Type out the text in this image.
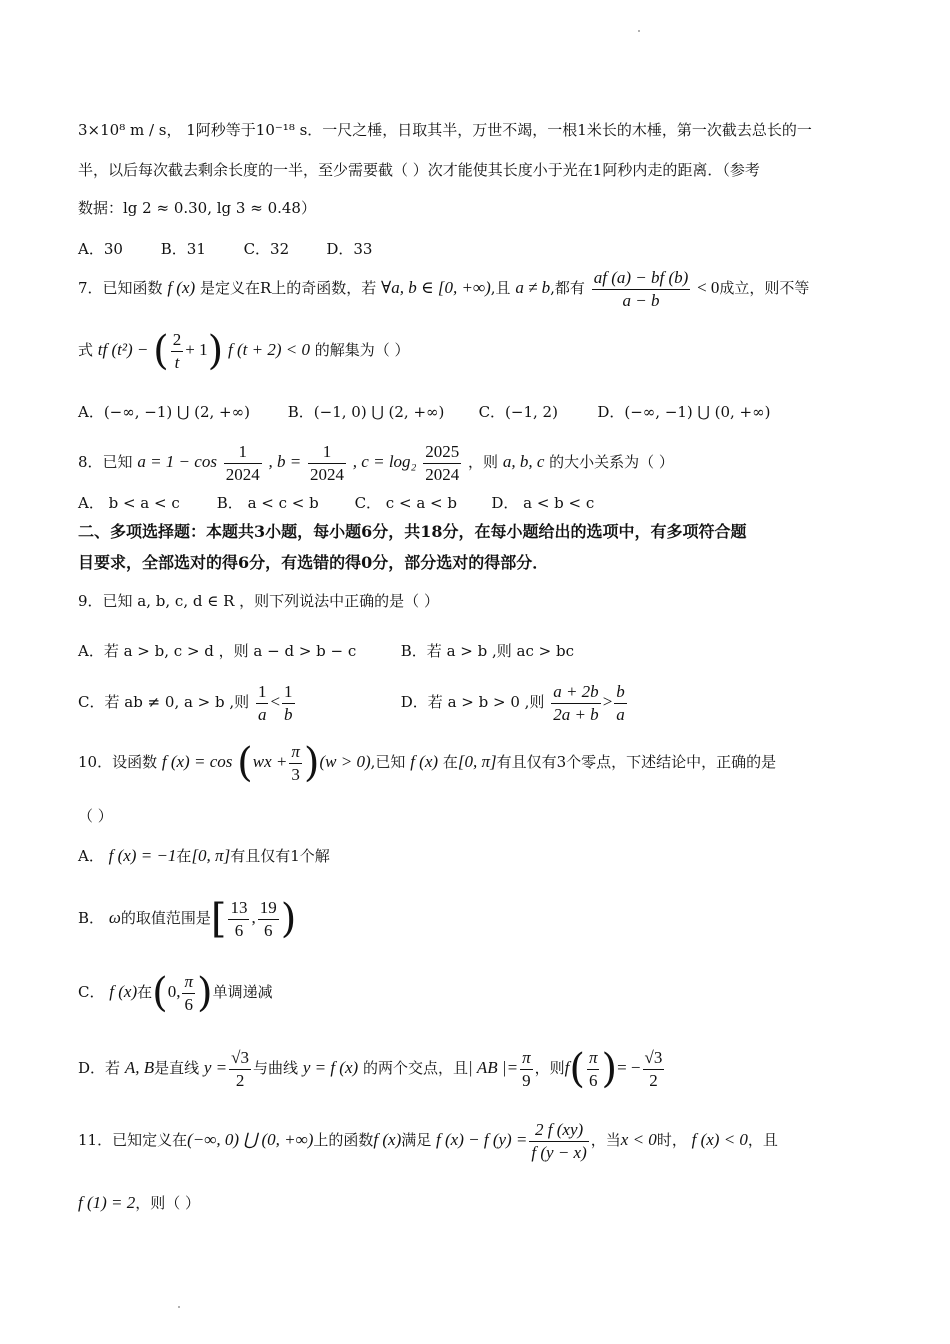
3×10⁸ m / s， 1阿秒等于10⁻¹⁸ s．一尺之棰，日取其半，万世不竭，一根1米长的木棰，第一次截去总长的一
半，以后每次截去剩余长度的一半，至少需要截（ ）次才能使其长度小于光在1阿秒内走的距离．（参考
数据：lg 2 ≈ 0.30, lg 3 ≈ 0.48）
A．30	B．31	C．32 D．33
7．已知函数 f (x) 是定义在R上的奇函数，若 ∀a, b ∈ [0, +∞),且 a ≠ b,都有 $\frac{af (a) - bf (b)}{a - b} < 0$成立，则不等
式 tf (t²) − ( $\frac{2}{t} + 1$) f (t + 2) < 0 的解集为（ ）
A．(−∞, −1) ⋃ (2, +∞)	B．(−1, 0) ⋃ (2, +∞) C．(−1, 2)	D．(−∞, −1) ⋃ (0, +∞)
8．已知 $a = 1 - \cos \frac{1}{2024}$ , $b = \frac{1}{2024}$ , $c = \log_2 \frac{2025}{2024}$ ，则 a, b, c 的大小关系为（ ）
A． b < a < c B． a < c < b C． c < a < b D． a < b < c
二、多项选择题：本题共3小题，每小题6分，共18分，在每小题给出的选项中，有多项符合题
目要求，全部选对的得6分，有选错的得0分，部分选对的得部分．
9．已知 a, b, c, d ∈ R ，则下列说法中正确的是（ ）
A．若 a > b, c > d ，则 a − d > b − c	B．若 a > b ,则 ac > bc
C．若 ab ≠ 0, a > b ,则 $\frac{1}{a} < \frac{1}{b}$	D．若 a > b > 0 ,则 $\frac{a + 2b}{2a + b} > \frac{b}{a}$
10．设函数 f $(x) = \cos (wx + \frac{\pi}{3} )(w > 0)$,已知 f (x) 在[0, π]有且仅有3个零点，下述结论中，正确的是
（ ）
A． f (x) = −1在[0, π]有且仅有1个解
B． ω的取值范围是[ $\frac{13}{6}$ , $\frac{19}{6}$ )
C． f (x)在(0, $\frac{\pi}{6}$ )单调递减
D．若 A, B是直线 $y = \frac{√3}{2}$ 与曲线 y = f (x) 的两个交点，且| AB |= $\frac{\pi}{9}$ ，则$f( \frac{\pi}{6}$ )= − $\frac{√3}{2}$
11．已知定义在(−∞, 0) ⋃ (0, +∞)上的函数f (x)满足 f (x) − f $(y) = \frac{2 f (xy)}{f (y - x)}$ ，当x < 0时， f (x) < 0，且
f (1) = 2，则（ ）
